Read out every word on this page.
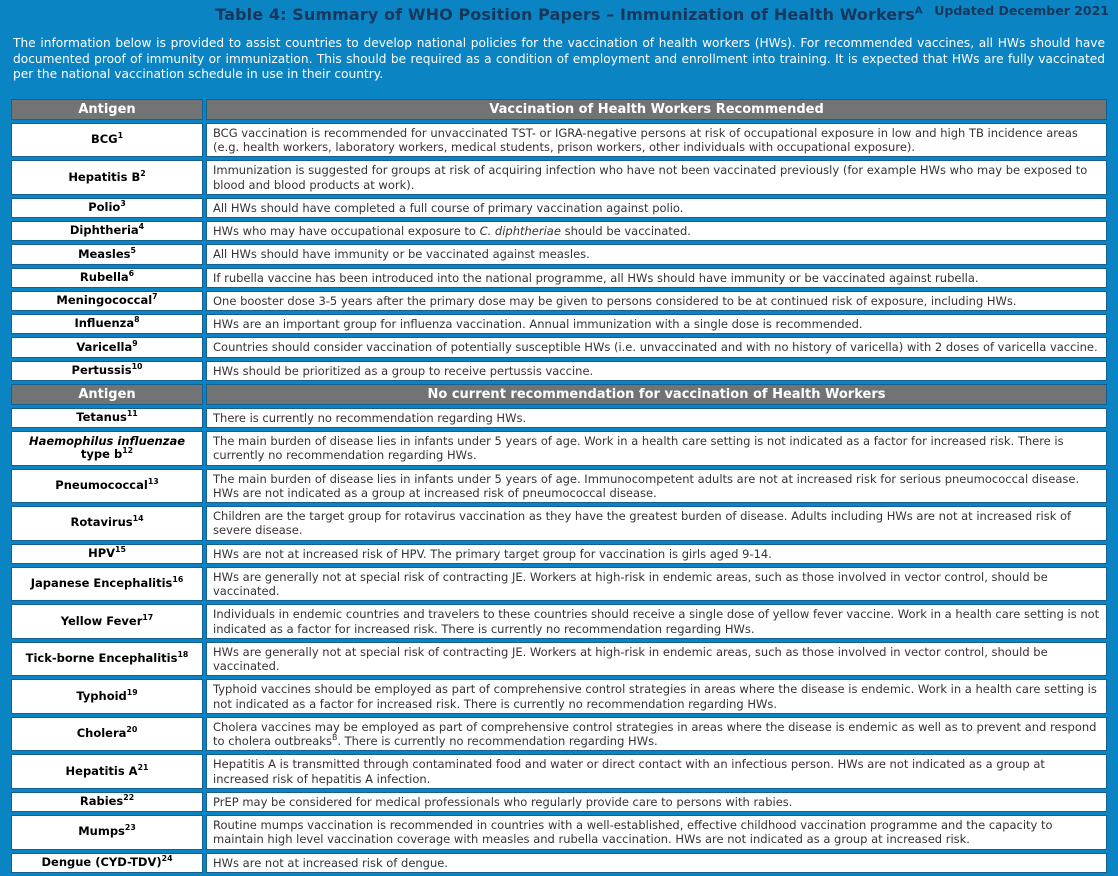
Table 4: Summary of WHO Position Papers – Immunization of Health Workers$^A$ Updated December 2021
The information below is provided to assist countries to develop national policies for the vaccination of health workers (HWs). For recommended vaccines, all HWs should have documented proof of immunity or immunization. This should be required as a condition of employment and enrollment into training. It is expected that HWs are fully vaccinated per the national vaccination schedule in use in their country.
Antigen	Vaccination of Health Workers Recommended
BCG$^1$	BCG vaccination is recommended for unvaccinated TST- or IGRA-negative persons at risk of occupational exposure in low and high TB incidence areas (e.g. health workers, laboratory workers, medical students, prison workers, other individuals with occupational exposure).
Hepatitis $B^2$	Immunization is suggested for groups at risk of acquiring infection who have not been vaccinated previously (for example HWs who may be exposed to blood and blood products at work).
Polio$^3$	All HWs should have completed a full course of primary vaccination against polio.
Diphtheria$^4$	HWs who may have occupational exposure to C. diphtheriae should be vaccinated.
Measles$^5$	All HWs should have immunity or be vaccinated against measles.
Rubella$^6$	If rubella vaccine has been introduced into the national programme, all HWs should have immunity or be vaccinated against rubella.
Meningococcal$^7$	One booster dose 3-5 years after the primary dose may be given to persons considered to be at continued risk of exposure, including HWs.
Influenza$^8$	HWs are an important group for influenza vaccination. Annual immunization with a single dose is recommended.
Varicella$^9$	Countries should consider vaccination of potentially susceptible HWs (i.e. unvaccinated and with no history of varicella) with 2 doses of varicella vaccine.
Pertussis$^{10}$	HWs should be prioritized as a group to receive pertussis vaccine.
Antigen	No current recommendation for vaccination of Health Workers
Tetanus$^{11}$	There is currently no recommendation regarding HWs.
Haemophilus influenzae type $b^{12}$	The main burden of disease lies in infants under 5 years of age. Work in a health care setting is not indicated as a factor for increased risk. There is currently no recommendation regarding HWs.
Pneumococcal$^{13}$	The main burden of disease lies in infants under 5 years of age. Immunocompetent adults are not at increased risk for serious pneumococcal disease. HWs are not indicated as a group at increased risk of pneumococcal disease.
Rotavirus$^{14}$	Children are the target group for rotavirus vaccination as they have the greatest burden of disease. Adults including HWs are not at increased risk of severe disease.
HPV$^{15}$	HWs are not at increased risk of HPV. The primary target group for vaccination is girls aged 9-14.
Japanese Encephalitis$^{16}$	HWs are generally not at special risk of contracting JE. Workers at high-risk in endemic areas, such as those involved in vector control, should be vaccinated.
Yellow Fever$^{17}$	Individuals in endemic countries and travelers to these countries should receive a single dose of yellow fever vaccine. Work in a health care setting is not indicated as a factor for increased risk. There is currently no recommendation regarding HWs.
Tick-borne Encephalitis$^{18}$	HWs are generally not at special risk of contracting JE. Workers at high-risk in endemic areas, such as those involved in vector control, should be vaccinated.
Typhoid$^{19}$	Typhoid vaccines should be employed as part of comprehensive control strategies in areas where the disease is endemic. Work in a health care setting is not indicated as a factor for increased risk. There is currently no recommendation regarding HWs.
Cholera$^{20}$	Cholera vaccines may be employed as part of comprehensive control strategies in areas where the disease is endemic as well as to prevent and respond to cholera outbreaks$^B$. There is currently no recommendation regarding HWs.
Hepatitis $A^{21}$	Hepatitis A is transmitted through contaminated food and water or direct contact with an infectious person. HWs are not indicated as a group at increased risk of hepatitis A infection.
Rabies$^{22}$	PrEP may be considered for medical professionals who regularly provide care to persons with rabies.
Mumps$^{23}$	Routine mumps vaccination is recommended in countries with a well-established, effective childhood vaccination programme and the capacity to maintain high level vaccination coverage with measles and rubella vaccination. HWs are not indicated as a group at increased risk.
Dengue $(CYD-TDV)^{24}$	HWs are not at increased risk of dengue.
